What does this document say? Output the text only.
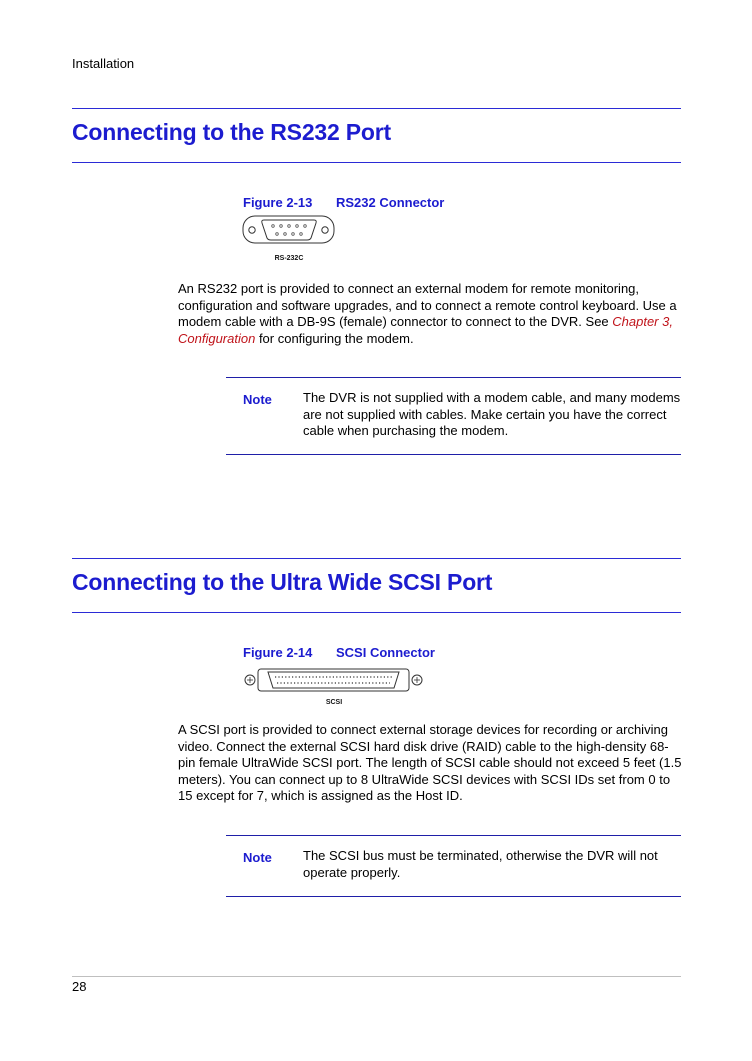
Installation
Connecting to the RS232 Port
Figure 2-13 RS232 Connector
RS-232C
An RS232 port is provided to connect an external modem for remote monitoring, configuration and software upgrades, and to connect a remote control keyboard. Use a modem cable with a DB-9S (female) connector to connect to the DVR. See Chapter 3, Configuration for configuring the modem.
Note The DVR is not supplied with a modem cable, and many modems are not supplied with cables. Make certain you have the correct cable when purchasing the modem.
Connecting to the Ultra Wide SCSI Port
Figure 2-14 SCSI Connector
SCSI
A SCSI port is provided to connect external storage devices for recording or archiving video. Connect the external SCSI hard disk drive (RAID) cable to the high-density 68-pin female UltraWide SCSI port. The length of SCSI cable should not exceed 5 feet (1.5 meters). You can connect up to 8 UltraWide SCSI devices with SCSI IDs set from 0 to 15 except for 7, which is assigned as the Host ID.
Note The SCSI bus must be terminated, otherwise the DVR will not operate properly.
28
